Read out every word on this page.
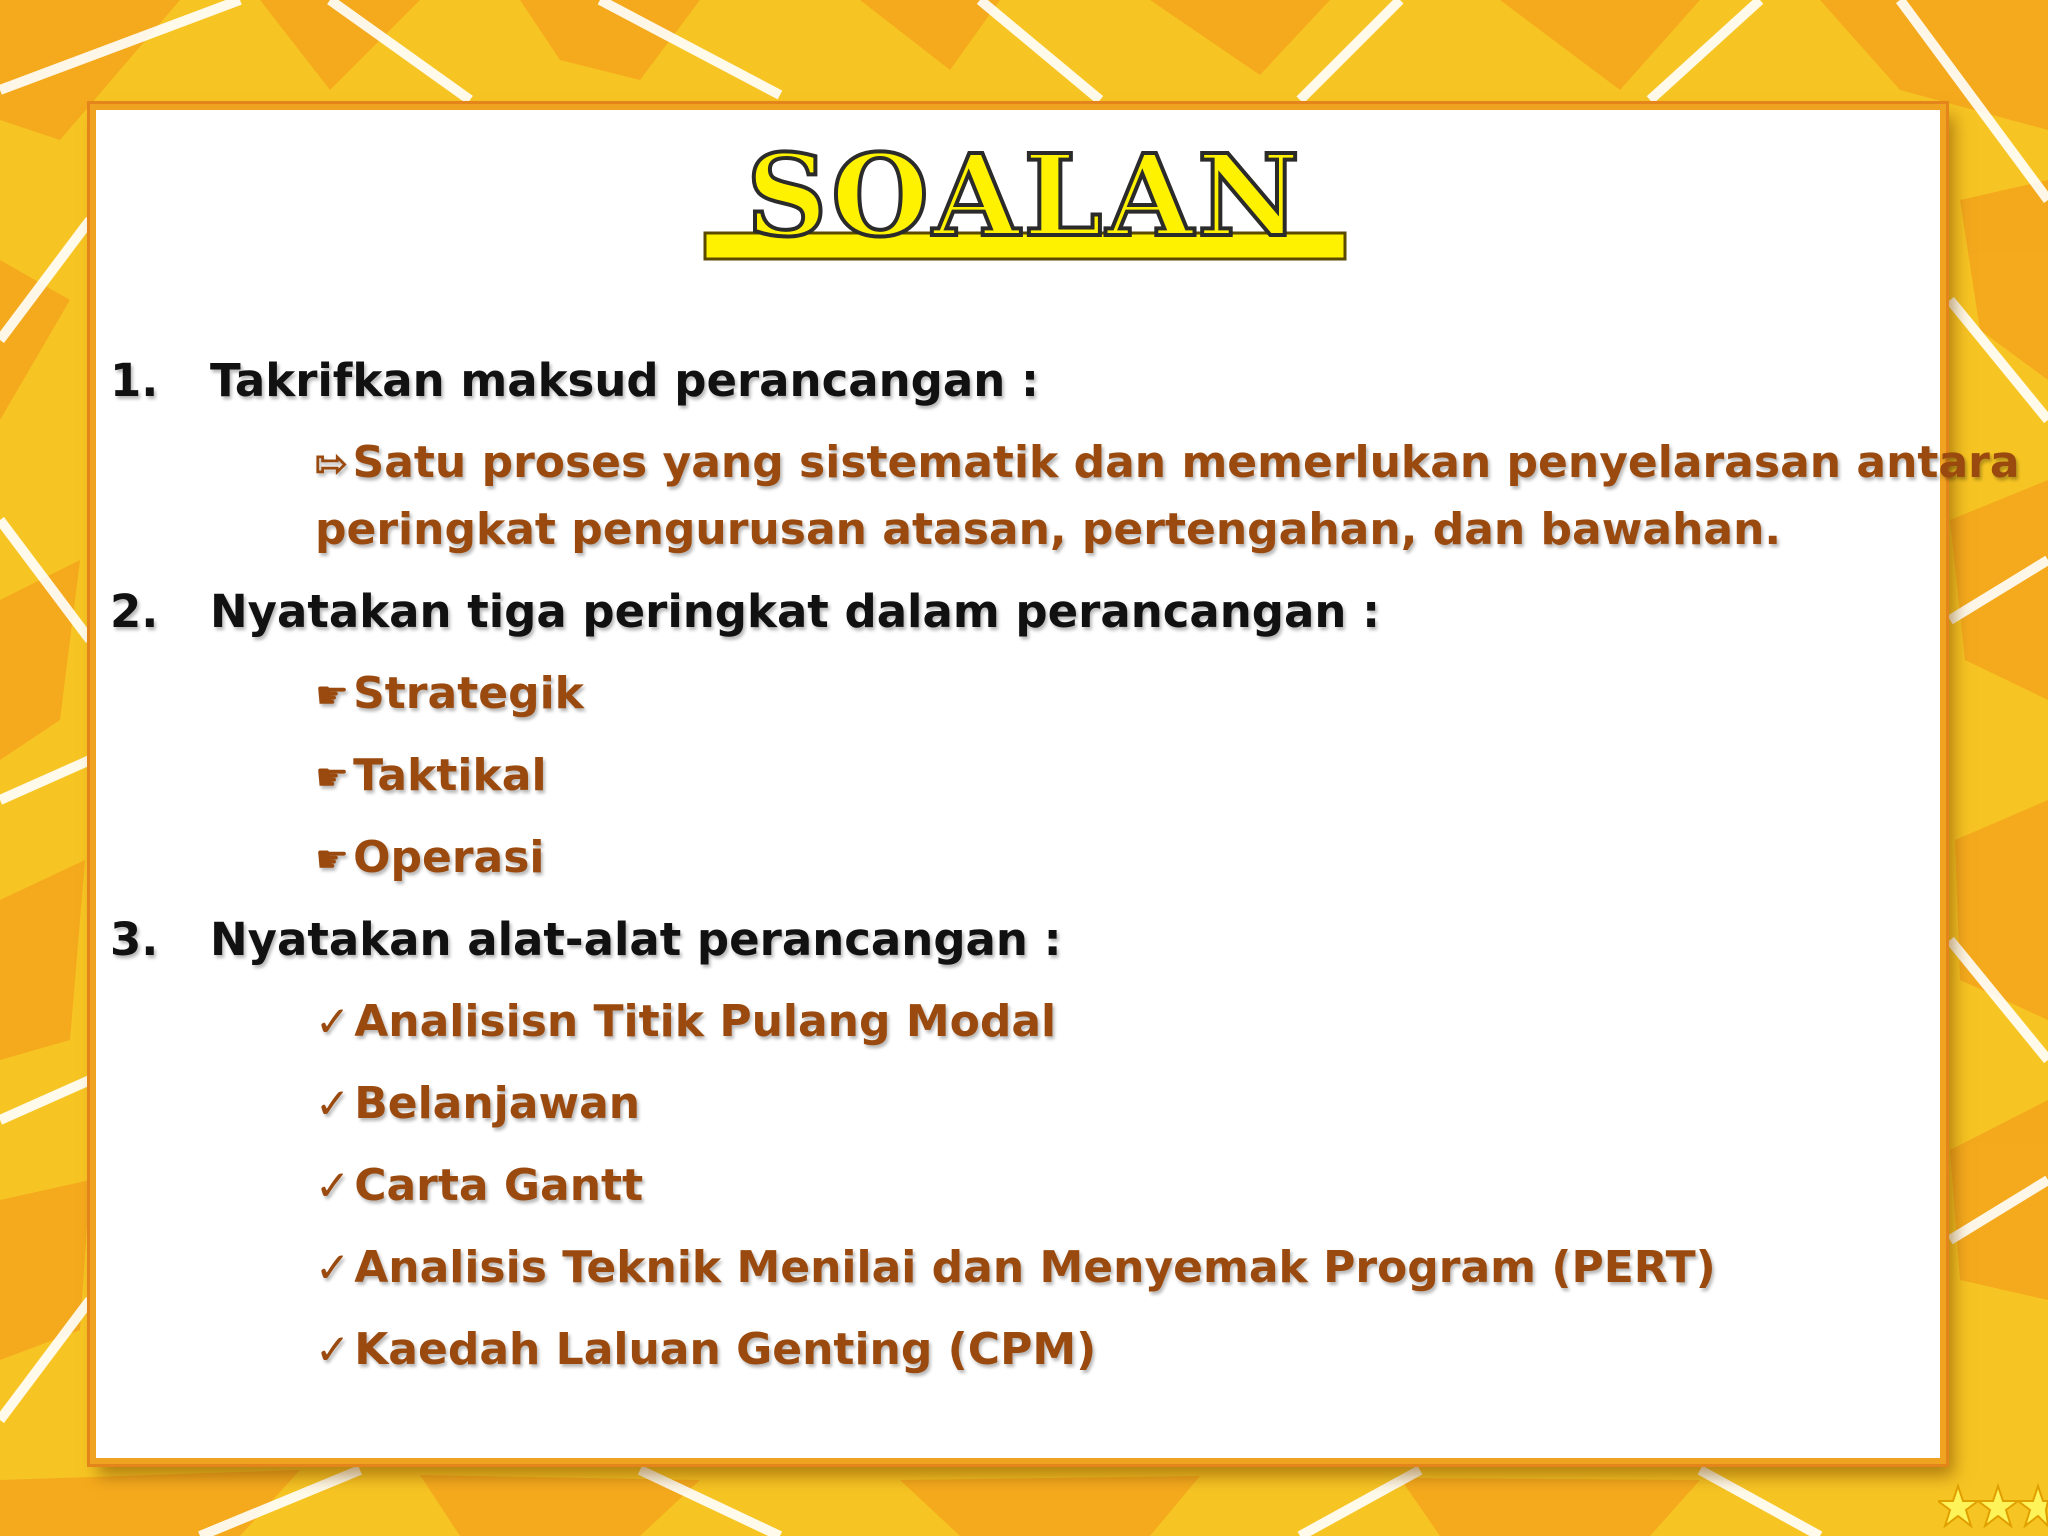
SOALAN
1.	Takrifkan maksud perancangan :
⇰Satu proses yang sistematik dan memerlukan penyelarasan antara peringkat pengurusan atasan, pertengahan, dan bawahan.
2.	Nyatakan tiga peringkat dalam perancangan :
☛Strategik
☛Taktikal
☛Operasi
3.	Nyatakan alat-alat perancangan :
✓Analisisn Titik Pulang Modal
✓Belanjawan
✓Carta Gantt
✓Analisis Teknik Menilai dan Menyemak Program (PERT)
✓Kaedah Laluan Genting (CPM)
